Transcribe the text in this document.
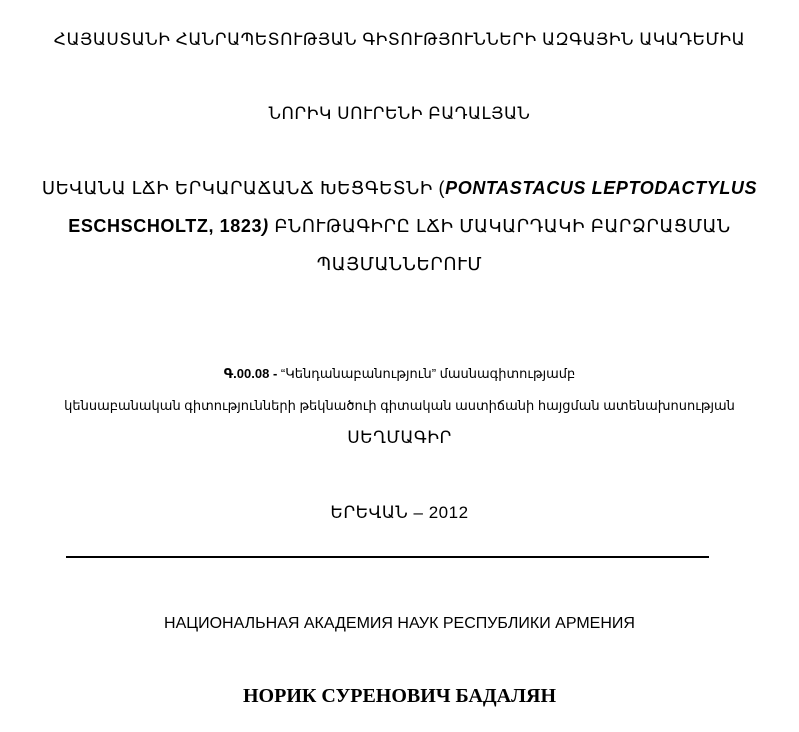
ՀԱՅԱՍՏԱՆԻ ՀԱՆՐԱՊԵՏՈՒԹՅԱՆ ԳԻՏՈՒԹՅՈՒՆՆԵՐԻ ԱԶԳԱՅԻՆ ԱԿԱԴԵՄԻԱ
ՆՈՐԻԿ ՍՈՒՐԵՆԻ ԲԱԴԱԼՅԱՆ
ՍԵՎԱՆԱ ԼՃԻ ԵՐԿԱՐԱՃԱՆՃ ԽԵՑԳԵՏՆԻ (PONTASTACUS LEPTODACTYLUS
ESCHSCHOLTZ, 1823) ԲՆՈՒԹԱԳԻՐԸ ԼՃԻ ՄԱԿԱՐԴԱԿԻ ԲԱՐՁՐԱՑՄԱՆ
ՊԱՅՄԱՆՆԵՐՈՒՄ
Գ.00.08 - “Կենդանաբանություն” մասնագիտությամբ
կենսաբանական գիտությունների թեկնածուի գիտական աստիճանի հայցման ատենախոսության
ՍԵՂՄԱԳԻՐ
ԵՐԵՎԱՆ – 2012
НАЦИОНАЛЬНАЯ АКАДЕМИЯ НАУК РЕСПУБЛИКИ АРМЕНИЯ
НОРИК СУРЕНОВИЧ БАДАЛЯН
